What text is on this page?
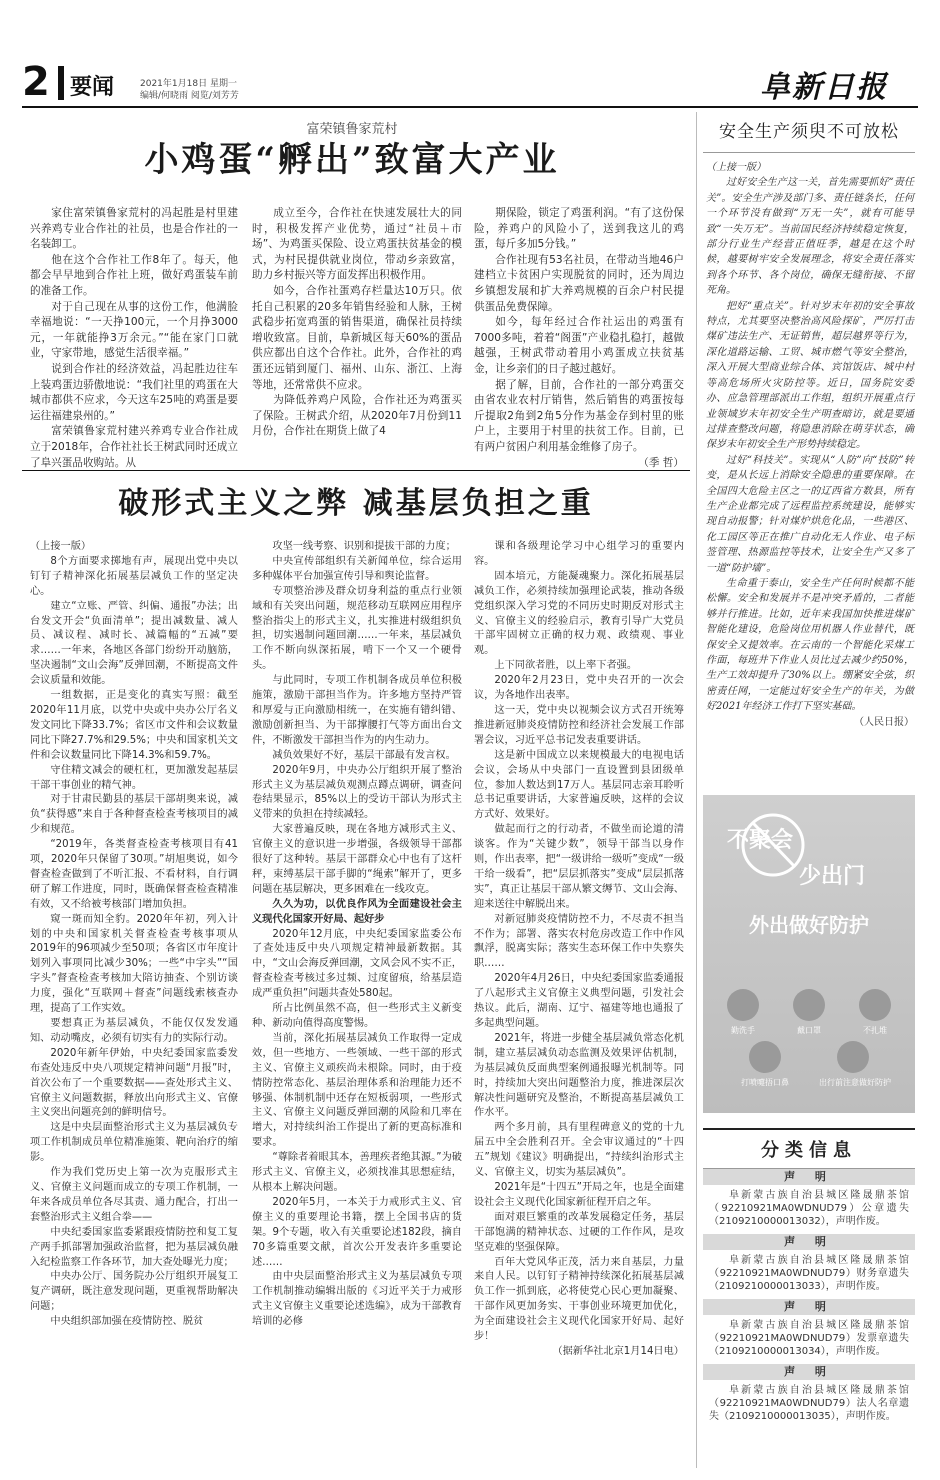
2 要闻	2021年1月18日 星期一
编辑/何晓雨 阅览/刘芳芳	阜新日报
富荣镇鲁家荒村
小鸡蛋“孵出”致富大产业

家住富荣镇鲁家荒村的冯起胜是村里建兴养鸡专业合作社的社员，也是合作社的一名装卸工。

他在这个合作社工作8年了。每天，他都会早早地到合作社上班，做好鸡蛋装车前的准备工作。

对于自己现在从事的这份工作，他满脸幸福地说：“一天挣100元，一个月挣3000元，一年就能挣3万余元。”“能在家门口就业，守家带地，感觉生活很幸福。”

说到合作社的经济效益，冯起胜边往车上装鸡蛋边骄傲地说：“我们社里的鸡蛋在大城市都供不应求，今天这车25吨的鸡蛋是要运往福建泉州的。”

富荣镇鲁家荒村建兴养鸡专业合作社成立于2018年，合作社社长王树武同时还成立了阜兴蛋品收购站。从

成立至今，合作社在快速发展壮大的同时，积极发挥产业优势，通过“社员＋市场”、为鸡蛋买保险、设立鸡蛋扶贫基金的模式，为村民提供就业岗位，带动乡亲致富，助力乡村振兴等方面发挥出积极作用。

如今，合作社蛋鸡存栏量达10万只。依托自己积累的20多年销售经验和人脉，王树武稳步拓宽鸡蛋的销售渠道，确保社员持续增收致富。目前，阜新城区每天60%的蛋品供应都出自这个合作社。此外，合作社的鸡蛋还远销到厦门、福州、山东、浙江、上海等地，还常常供不应求。

为降低养鸡户风险，合作社还为鸡蛋买了保险。王树武介绍，从2020年7月份到11月份，合作社在期货上做了4

期保险，锁定了鸡蛋利润。“有了这份保险，养鸡户的风险小了，送到我这儿的鸡蛋，每斤多加5分钱。”

合作社现有53名社员，在带动当地46户建档立卡贫困户实现脱贫的同时，还为周边乡镇想发展和扩大养鸡规模的百余户村民提供蛋品免费保障。

如今，每年经过合作社运出的鸡蛋有7000多吨，着着“阁蛋”产业稳扎稳打，越做越强，王树武带动着用小鸡蛋成立扶贫基金，让乡亲们的日子越过越好。

据了解，目前，合作社的一部分鸡蛋交由省农业农村厅销售，然后销售的鸡蛋按每斤提取2角到2角5分作为基金存到村里的账户上，主要用于村里的扶贫工作。目前，已有两户贫困户利用基金维修了房子。

（季 哲）
破形式主义之弊 减基层负担之重
（上接一版）

8个方面要求掷地有声，展现出党中央以钉钉子精神深化拓展基层减负工作的坚定决心。

建立“立账、严管、纠偏、通报”办法；出台发文开会“负面清单”；提出减数量、减人员、减议程、减时长、减篇幅的“五减”要求……一年来，各地区各部门纷纷开动脑筋，坚决遏制“文山会海”反弹回潮，不断提高文件会议质量和效能。

一组数据，正是变化的真实写照：截至2020年11月底，以党中央或中央办公厅名义发文同比下降33.7%；省区市文件和会议数量同比下降27.7%和29.5%；中央和国家机关文件和会议数量同比下降14.3%和59.7%。

守住精文减会的硬杠杠，更加激发起基层干部干事创业的精气神。

对于甘肃民勤县的基层干部胡奥来说，减负“获得感”来自于各种督查检查考核项目的减少和规范。

“2019年，各类督查检查考核项目有41项，2020年只保留了30项。”胡旭奥说，如今督查检查做到了不听汇报、不看材料，自行调研了解工作进度，同时，既确保督查检查精准有效，又不给被考核部门增加负担。

窥一斑而知全豹。2020年年初，列入计划的中央和国家机关督查检查考核事项从2019年的96项减少至50项；各省区市年度计划列入事项同比减少30%；一些“中字头”“国字头”督查检查考核加大陪访抽查、个别访谈力度，强化“互联网＋督查”问题线索核查办理，提高了工作实效。

要想真正为基层减负，不能仅仅发发通知、动动嘴皮，必须有切实有力的实际行动。

2020年新年伊始，中央纪委国家监委发布查处违反中央八项规定精神问题“月报”时，首次公布了一个重要数据——查处形式主义、官僚主义问题数据，释放出向形式主义、官僚主义突出问题亮剑的鲜明信号。

这是中央层面整治形式主义为基层减负专项工作机制成员单位精准施策、靶向治疗的缩影。

作为我们党历史上第一次为克服形式主义、官僚主义问题而成立的专项工作机制，一年来各成员单位各尽其责、通力配合，打出一套整治形式主义组合拳——

中央纪委国家监委紧跟疫情防控和复工复产两手抓部署加强政治监督，把为基层减负融入纪检监察工作各环节，加大查处曝光力度；

中央办公厅、国务院办公厅组织开展复工复产调研，既注意发现问题，更重视帮助解决问题；

中央组织部加强在疫情防控、脱贫

攻坚一线考察、识别和提拔干部的力度；

中央宣传部组织有关新闻单位，综合运用多种媒体平台加强宣传引导和舆论监督。

专项整治涉及群众切身利益的重点行业领域和有关突出问题，规范移动互联网应用程序整治指尖上的形式主义，扎实推进村级组织负担，切实遏制问题回潮……一年来，基层减负工作不断向纵深拓展，啃下一个又一个硬骨头。

与此同时，专项工作机制各成员单位积极施策，激励干部担当作为。许多地方坚持严管和厚爱与正向激励相统一，在实施有错纠错、激励创新担当、为干部撑腰打气等方面出台文件，不断激发干部担当作为的内生动力。

减负效果好不好，基层干部最有发言权。

2020年9月，中央办公厅组织开展了整治形式主义为基层减负观测点蹲点调研，调查问卷结果显示，85%以上的受访干部认为形式主义带来的负担在持续减轻。

大家普遍反映，现在各地方减形式主义、官僚主义的意识进一步增强，各级领导干部都很好了这种转。基层干部群众心中也有了这杆秤，束缚基层干部手脚的“绳索”解开了，更多问题在基层解决，更多困难在一线攻克。

久久为功，以优良作风为全面建设社会主义现代化国家开好局、起好步

2020年12月底，中央纪委国家监委公布了查处违反中央八项规定精神最新数据。其中，“文山会海反弹回潮，文风会风不实不正，督查检查考核过多过频、过度留痕，给基层造成严重负担”问题共查处580起。

所占比例虽然不高，但一些形式主义新变种、新动向值得高度警惕。

当前，深化拓展基层减负工作取得一定成效，但一些地方、一些领域、一些干部的形式主义、官僚主义顽疾尚未根除。同时，由于疫情防控常态化、基层治理体系和治理能力还不够强、体制机制中还存在短板弱项，一些形式主义、官僚主义问题反弹回潮的风险和几率在增大，对持续纠治工作提出了新的更高标准和要求。

“尊除者着眼其本，善理疾者绝其源。”为破形式主义、官僚主义，必须找准其思想症结，从根本上解决问题。

2020年5月，一本关于力戒形式主义、官僚主义的重要理论书籍，摆上全国书店的货架。9个专题，收入有关重要论述182段，摘自70多篇重要文献，首次公开发表许多重要论述……

由中央层面整治形式主义为基层减负专项工作机制推动编辑出版的《习近平关于力戒形式主义官僚主义重要论述选编》，成为干部教育培训的必修

课和各级理论学习中心组学习的重要内容。

固本培元，方能凝魂聚力。深化拓展基层减负工作，必须持续加强理论武装，推动各级党组织深入学习党的不同历史时期反对形式主义、官僚主义的经验启示，教育引导广大党员干部牢固树立正确的权力观、政绩观、事业观。

上下同欲者胜，以上率下者强。

2020年2月23日，党中央召开的一次会议，为各地作出表率。

这一天，党中央以视频会议方式召开统筹推进新冠肺炎疫情防控和经济社会发展工作部署会议，习近平总书记发表重要讲话。

这是新中国成立以来规模最大的电视电话会议，会场从中央部门一直设置到县团级单位，参加人数达到17万人。基层同志亲耳聆听总书记重要讲话，大家普遍反映，这样的会议方式好、效果好。

做起而行之的行动者，不做坐而论道的清谈客。作为“关键少数”，领导干部当以身作则，作出表率，把“一级讲给一级听”变成“一级干给一级看”，把“层层抓落实”变成“层层抓落实”，真正让基层干部从繁文缛节、文山会海、迎来送往中解脱出来。

对新冠肺炎疫情防控不力，不尽责不担当不作为；部署、落实农村危房改造工作中作风飘浮，脱离实际；落实生态环保工作中失察失职……

2020年4月26日，中央纪委国家监委通报了八起形式主义官僚主义典型问题，引发社会热议。此后，湖南、辽宁、福建等地也通报了多起典型问题。

2021年，将进一步健全基层减负常态化机制，建立基层减负动态监测及效果评估机制，为基层减负反面典型案例通报曝光机制等。同时，持续加大突出问题整治力度，推进深层次解决性问题研究及整治，不断提高基层减负工作水平。

两个多月前，具有里程碑意义的党的十九届五中全会胜利召开。全会审议通过的“十四五”规划《建议》明确提出，“持续纠治形式主义、官僚主义，切实为基层减负”。

2021年是“十四五”开局之年，也是全面建设社会主义现代化国家新征程开启之年。

面对艰巨繁重的改革发展稳定任务，基层干部饱满的精神状态、过硬的工作作风，是攻坚克难的坚强保障。

百年大党风华正茂，活力来自基层，力量来自人民。以钉钉子精神持续深化拓展基层减负工作一抓到底，必将使党心民心更加凝聚、干部作风更加务实、干事创业环境更加优化，为全面建设社会主义现代化国家开好局、起好步！

（据新华社北京1月14日电）
安全生产须臾不可放松
（上接一版）

过好安全生产这一关，首先需要抓好“责任关”。安全生产涉及部门多、责任链条长，任何一个环节没有做到“万无一失”，就有可能导致“一失万无”。当前国民经济持续稳定恢复，部分行业生产经营正值旺季，越是在这个时候，越要树牢安全发展理念，将安全责任落实到各个环节、各个岗位，确保无缝衔接、不留死角。

把好“重点关”。针对岁末年初的安全事故特点，尤其要坚决整治高风险探矿，严厉打击煤矿违法生产、无证销售，超层越界等行为，深化道路运输、工贸、城市燃气等安全整治，深入开展大型商业综合体、宾馆饭店、城中村等高危场所火灾防控等。近日，国务院安委办、应急管理部派出工作组，组织开展重点行业领域岁末年初安全生产明查暗访，就是要通过排查整改问题，将隐患消除在萌芽状态，确保岁末年初安全生产形势持续稳定。

过好“科技关”。实现从“人防”向“技防”转变，是从长远上消除安全隐患的重要保障。在全国四大危险主区之一的辽西省方数县，所有生产企业都完成了远程监控系统建设，能够实现自动报警；针对煤炉烘危化品，一些港区、化工园区等正在推广自动化无人作业、电子标签管理、热源监控等技术，让安全生产又多了一道“防护墙”。

生命重于泰山，安全生产任何时候都不能松懈。安全和发展并不是冲突矛盾的，二者能够并行推进。比如，近年来我国加快推进煤矿智能化建设，危险岗位用机器人作业替代，既保安全又提效率。在云南的一个智能化采煤工作面，每班井下作业人员比过去减少约50%，生产工效却提升了30%以上。绷紧安全弦，织密责任网，一定能过好安全生产的年关，为做好2021年经济工作打下坚实基础。

（人民日报）
不聚会
少出门
外出做好防护
勤洗手	戴口罩	不扎堆
打喷嚏捂口鼻	出行前注意做好防护
分类信息
声 明
阜新蒙古族自治县城区隆晟鼎茶馆（92210921MA0WDNUD79）公章遗失（2109210000013032），声明作废。
声 明
阜新蒙古族自治县城区隆晟鼎茶馆（92210921MA0WDNUD79）财务章遗失（2109210000013033），声明作废。
声 明
阜新蒙古族自治县城区隆晟鼎茶馆（92210921MA0WDNUD79）发票章遗失（2109210000013034），声明作废。
声 明
阜新蒙古族自治县城区隆晟鼎茶馆（92210921MA0WDNUD79）法人名章遗失（2109210000013035），声明作废。
